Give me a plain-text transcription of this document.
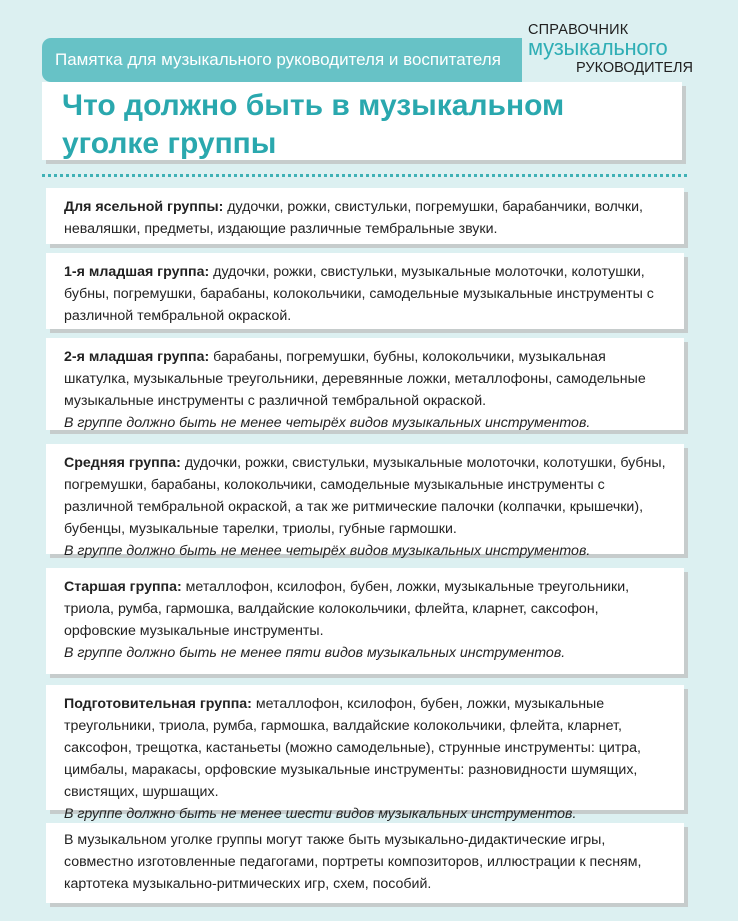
Памятка для музыкального руководителя и воспитателя
СПРАВОЧНИК
музыкального
РУКОВОДИТЕЛЯ
Что должно быть в музыкальном уголке группы

Для ясельной группы: дудочки, рожки, свистульки, погремушки, барабанчики, волчки, неваляшки, предметы, издающие различные тембральные звуки.

1-я младшая группа: дудочки, рожки, свистульки, музыкальные молоточки, колотушки, бубны, погремушки, барабаны, колокольчики, самодельные музыкальные инструменты с различной тембральной окраской.

2-я младшая группа: барабаны, погремушки, бубны, колокольчики, музыкальная шкатулка, музыкальные треугольники, деревянные ложки, металлофоны, самодельные музыкальные инструменты с различной тембральной окраской.

В группе должно быть не менее четырёх видов музыкальных инструментов.

Средняя группа: дудочки, рожки, свистульки, музыкальные молоточки, колотушки, бубны, погремушки, барабаны, колокольчики, самодельные музыкальные инструменты с различной тембральной окраской, а так же ритмические палочки (колпачки, крышечки), бубенцы, музыкальные тарелки, триолы, губные гармошки.

В группе должно быть не менее четырёх видов музыкальных инструментов.

Старшая группа: металлофон, ксилофон, бубен, ложки, музыкальные треугольники, триола, румба, гармошка, валдайские колокольчики, флейта, кларнет, саксофон, орфовские музыкальные инструменты.

В группе должно быть не менее пяти видов музыкальных инструментов.

Подготовительная группа: металлофон, ксилофон, бубен, ложки, музыкальные треугольники, триола, румба, гармошка, валдайские колокольчики, флейта, кларнет, саксофон, трещотка, кастаньеты (можно самодельные), струнные инструменты: цитра, цимбалы, маракасы, орфовские музыкальные инструменты: разновидности шумящих, свистящих, шуршащих.

В группе должно быть не менее шести видов музыкальных инструментов.

В музыкальном уголке группы могут также быть музыкально-дидактические игры, совместно изготовленные педагогами, портреты композиторов, иллюстрации к песням, картотека музыкально-ритмических игр, схем, пособий.
